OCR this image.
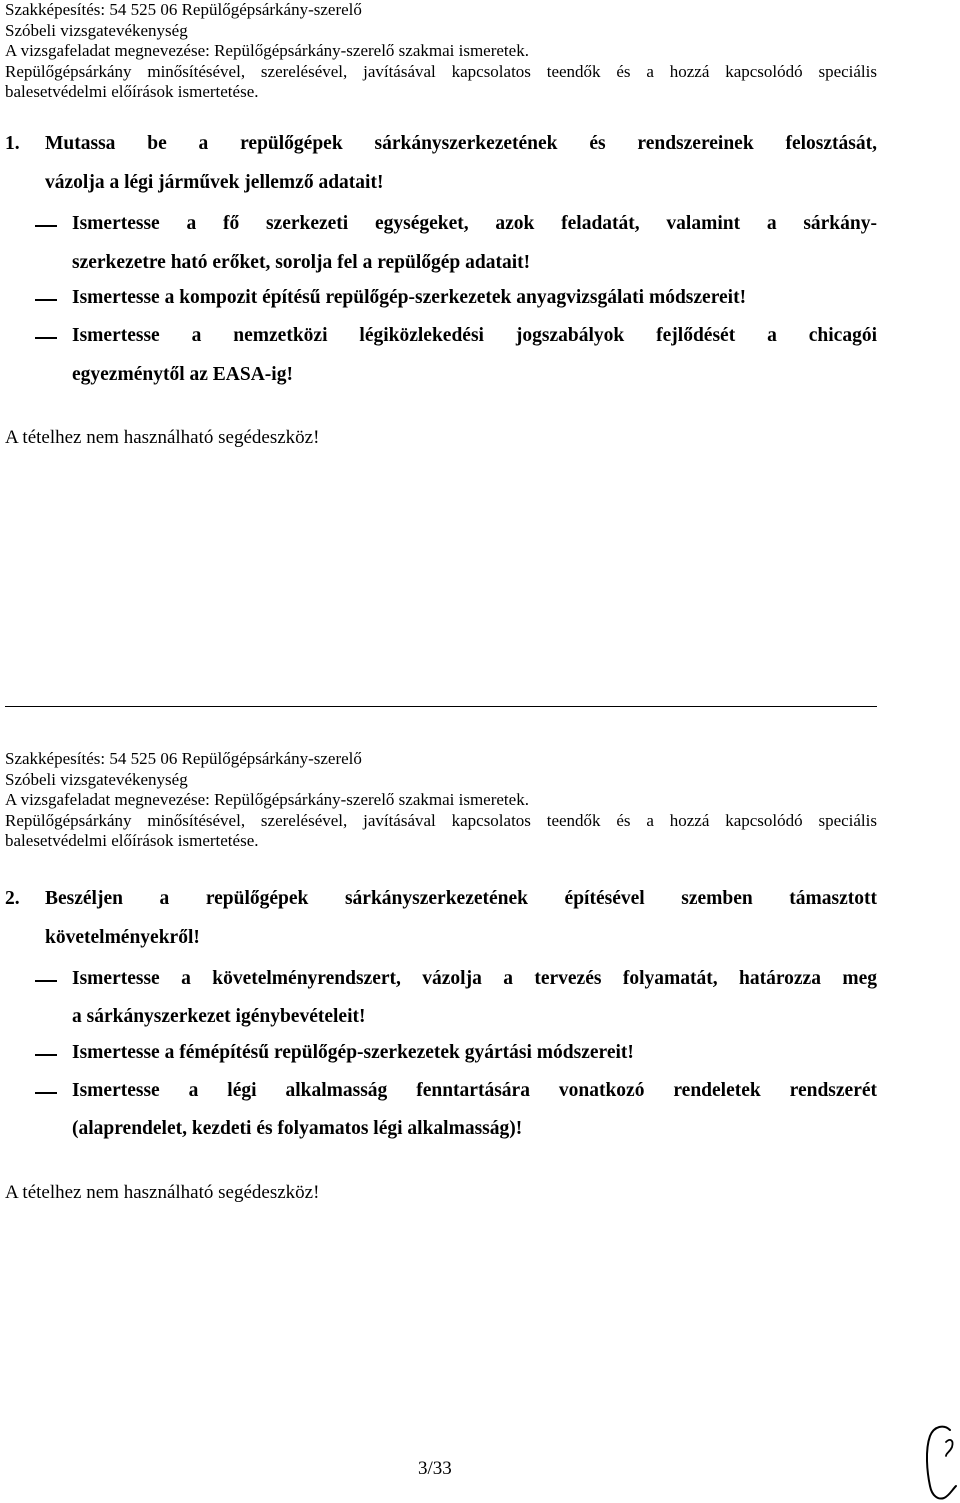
Szakképesítés: 54 525 06 Repülőgépsárkány-szerelő
Szóbeli vizsgatevékenység
A vizsgafeladat megnevezése: Repülőgépsárkány-szerelő szakmai ismeretek.
Repülőgépsárkány minősítésével, szerelésével, javításával kapcsolatos teendők és a hozzá kapcsolódó speciális
balesetvédelmi előírások ismertetése.
1. Mutassa be a repülőgépek sárkányszerkezetének és rendszereinek felosztását,
vázolja a légi járművek jellemző adatait!
Ismertesse a fő szerkezeti egységeket, azok feladatát, valamint a sárkány-
szerkezetre ható erőket, sorolja fel a repülőgép adatait!
Ismertesse a kompozit építésű repülőgép-szerkezetek anyagvizsgálati módszereit!
Ismertesse a nemzetközi légiközlekedési jogszabályok fejlődését a chicagói
egyezménytől az EASA-ig!
A tételhez nem használható segédeszköz!
Szakképesítés: 54 525 06 Repülőgépsárkány-szerelő
Szóbeli vizsgatevékenység
A vizsgafeladat megnevezése: Repülőgépsárkány-szerelő szakmai ismeretek.
Repülőgépsárkány minősítésével, szerelésével, javításával kapcsolatos teendők és a hozzá kapcsolódó speciális
balesetvédelmi előírások ismertetése.
2. Beszéljen a repülőgépek sárkányszerkezetének építésével szemben támasztott
követelményekről!
Ismertesse a követelményrendszert, vázolja a tervezés folyamatát, határozza meg
a sárkányszerkezet igénybevételeit!
Ismertesse a fémépítésű repülőgép-szerkezetek gyártási módszereit!
Ismertesse a légi alkalmasság fenntartására vonatkozó rendeletek rendszerét
(alaprendelet, kezdeti és folyamatos légi alkalmasság)!
A tételhez nem használható segédeszköz!
3/33
